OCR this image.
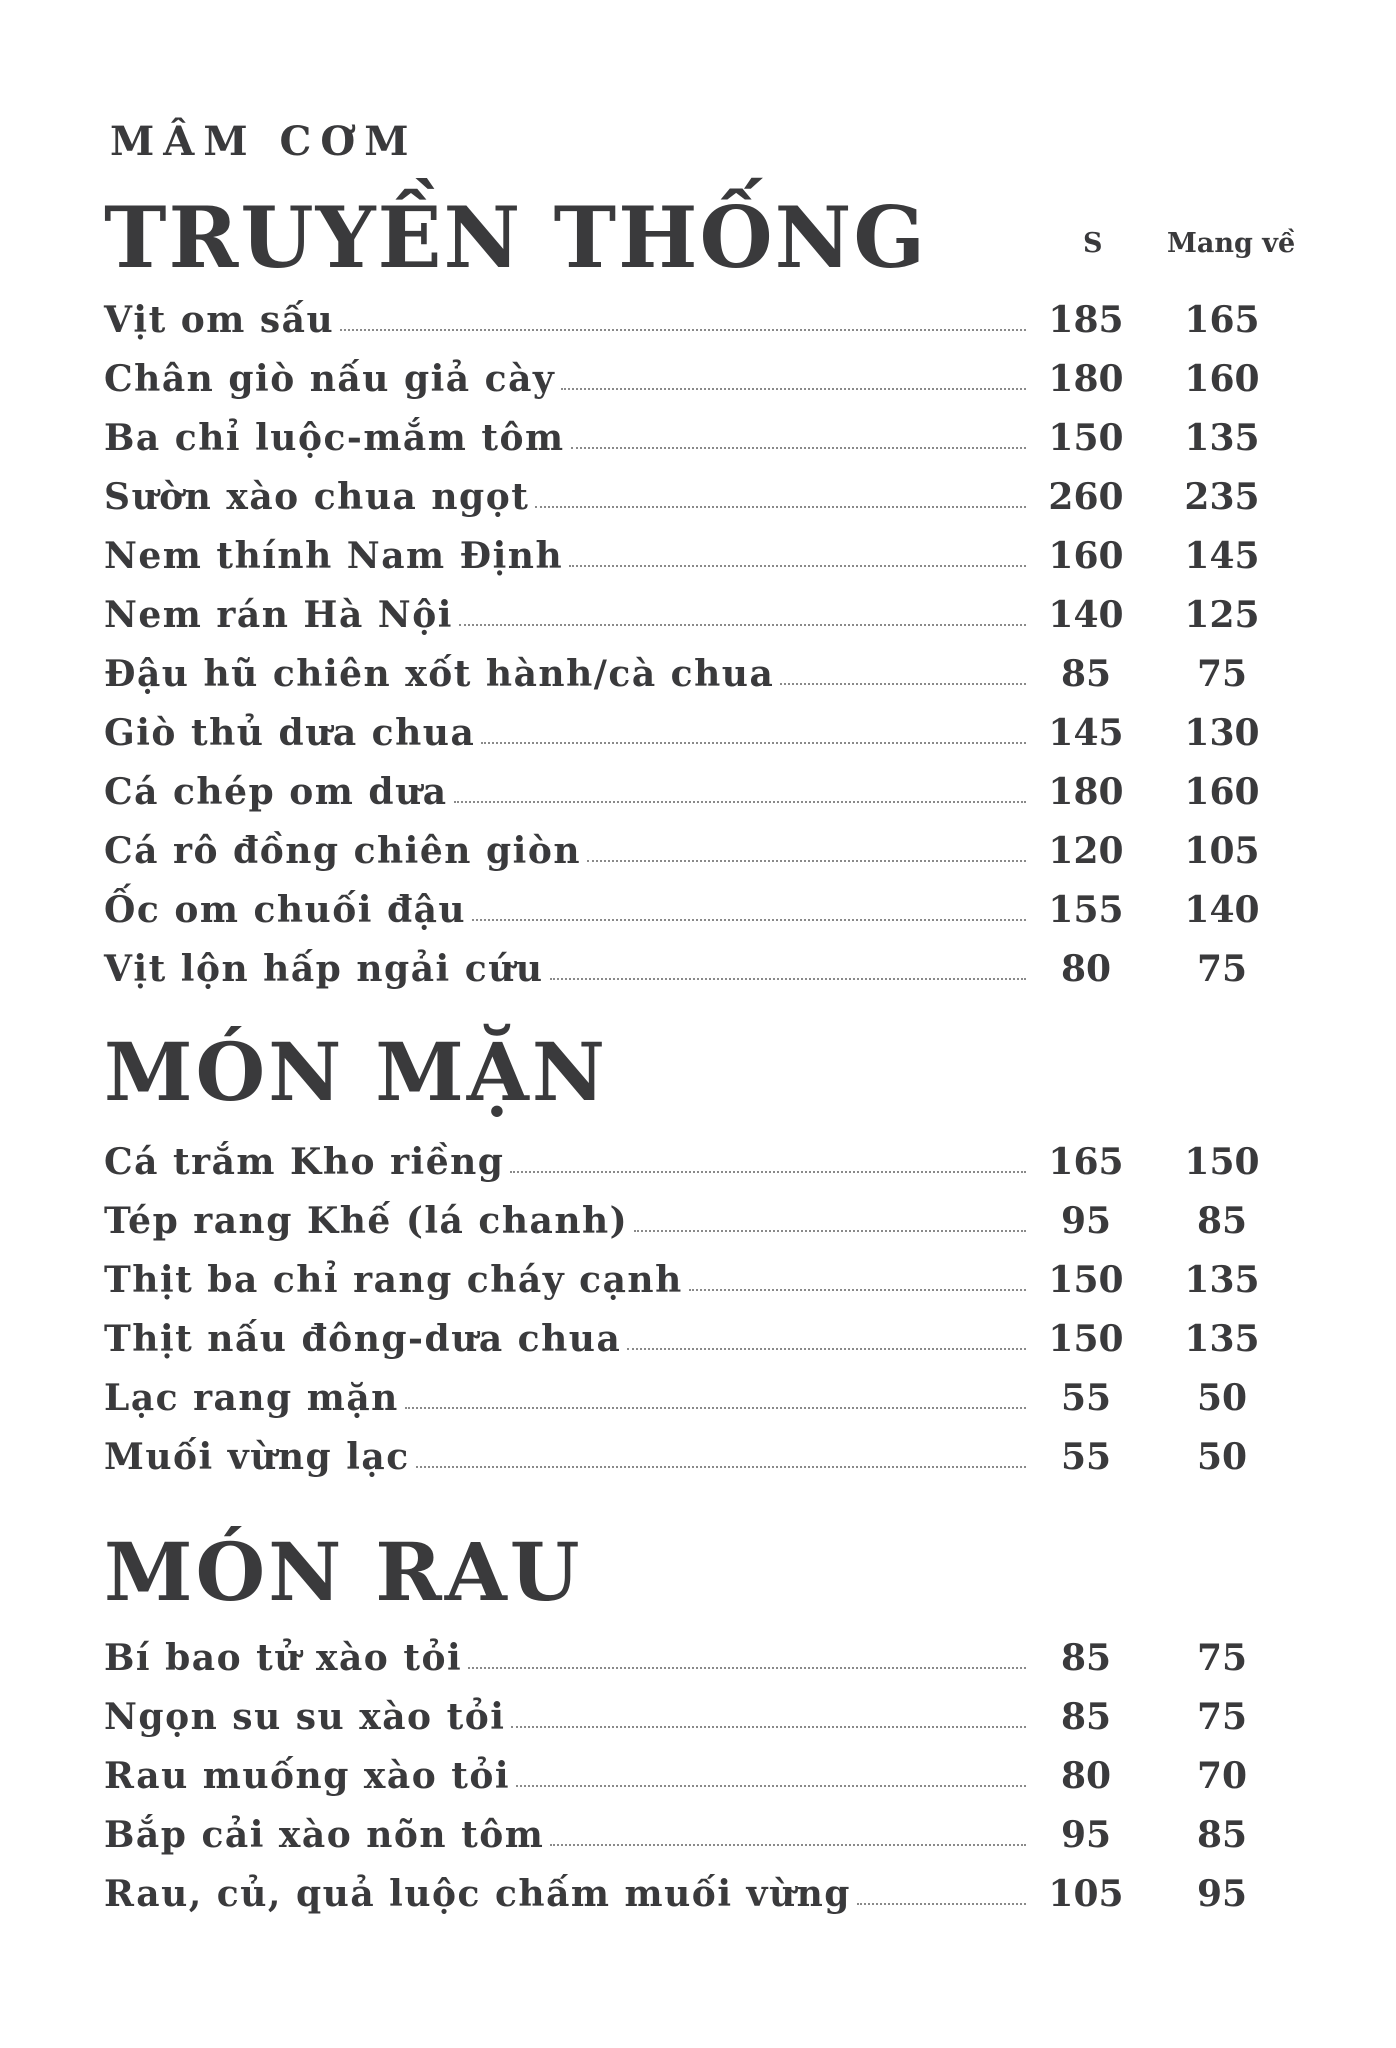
MÂM CƠM
TRUYỀN THỐNG	S Mang về
Vịt om sấu	185	165
Chân giò nấu giả cày	180	160
Ba chỉ luộc-mắm tôm	150	135
Sườn xào chua ngọt	260	235
Nem thính Nam Định	160	145
Nem rán Hà Nội	140	125
Đậu hũ chiên xốt hành/cà chua	85	75
Giò thủ dưa chua	145	130
Cá chép om dưa	180	160
Cá rô đồng chiên giòn	120	105
Ốc om chuối đậu	155	140
Vịt lộn hấp ngải cứu	80	75
MÓN MẶN
Cá trắm Kho riềng	165	150
Tép rang Khế (lá chanh)	95	85
Thịt ba chỉ rang cháy cạnh	150	135
Thịt nấu đông-dưa chua	150	135
Lạc rang mặn	55	50
Muối vừng lạc	55	50
MÓN RAU
Bí bao tử xào tỏi	85	75
Ngọn su su xào tỏi	85	75
Rau muống xào tỏi	80	70
Bắp cải xào nõn tôm	95	85
Rau, củ, quả luộc chấm muối vừng	105	95
